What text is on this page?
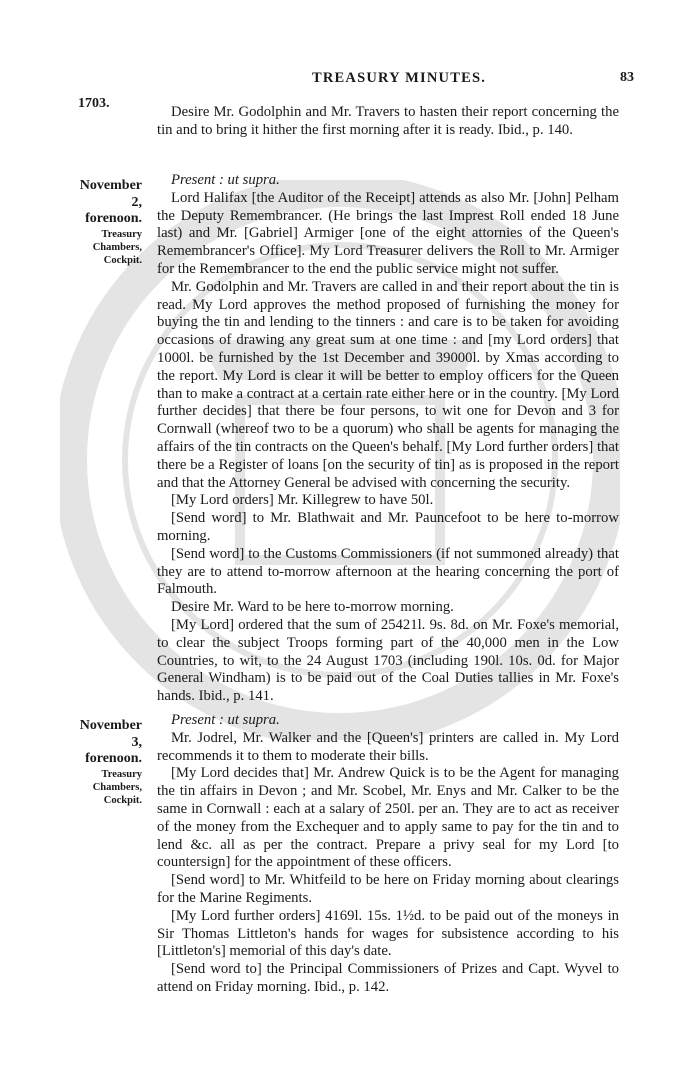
TREASURY MINUTES.	83
1703.

Desire Mr. Godolphin and Mr. Travers to hasten their report concerning the tin and to bring it hither the first morning after it is ready. Ibid., p. 140.

November
2,
forenoon.
Treasury
Chambers,
Cockpit.

Present : ut supra.

Lord Halifax [the Auditor of the Receipt] attends as also Mr. [John] Pelham the Deputy Remembrancer. (He brings the last Imprest Roll ended 18 June last) and Mr. [Gabriel] Armiger [one of the eight attornies of the Queen's Remembrancer's Office]. My Lord Treasurer delivers the Roll to Mr. Armiger for the Remembrancer to the end the public service might not suffer.

Mr. Godolphin and Mr. Travers are called in and their report about the tin is read. My Lord approves the method proposed of furnishing the money for buying the tin and lending to the tinners : and care is to be taken for avoiding occasions of drawing any great sum at one time : and [my Lord orders] that 1000l. be furnished by the 1st December and 39000l. by Xmas according to the report. My Lord is clear it will be better to employ officers for the Queen than to make a contract at a certain rate either here or in the country. [My Lord further decides] that there be four persons, to wit one for Devon and 3 for Cornwall (whereof two to be a quorum) who shall be agents for managing the affairs of the tin contracts on the Queen's behalf. [My Lord further orders] that there be a Register of loans [on the security of tin] as is proposed in the report and that the Attorney General be advised with concerning the security.

[My Lord orders] Mr. Killegrew to have 50l.

[Send word] to Mr. Blathwait and Mr. Pauncefoot to be here to-morrow morning.

[Send word] to the Customs Commissioners (if not summoned already) that they are to attend to-morrow afternoon at the hearing concerning the port of Falmouth.

Desire Mr. Ward to be here to-morrow morning.

[My Lord] ordered that the sum of 25421l. 9s. 8d. on Mr. Foxe's memorial, to clear the subject Troops forming part of the 40,000 men in the Low Countries, to wit, to the 24 August 1703 (including 190l. 10s. 0d. for Major General Windham) is to be paid out of the Coal Duties tallies in Mr. Foxe's hands. Ibid., p. 141.

November
3,
forenoon.
Treasury
Chambers,
Cockpit.

Present : ut supra.

Mr. Jodrel, Mr. Walker and the [Queen's] printers are called in. My Lord recommends it to them to moderate their bills.

[My Lord decides that] Mr. Andrew Quick is to be the Agent for managing the tin affairs in Devon ; and Mr. Scobel, Mr. Enys and Mr. Calker to be the same in Cornwall : each at a salary of 250l. per an. They are to act as receiver of the money from the Exchequer and to apply same to pay for the tin and to lend &c. all as per the contract. Prepare a privy seal for my Lord [to countersign] for the appointment of these officers.

[Send word] to Mr. Whitfeild to be here on Friday morning about clearings for the Marine Regiments.

[My Lord further orders] 4169l. 15s. 1½d. to be paid out of the moneys in Sir Thomas Littleton's hands for wages for subsistence according to his [Littleton's] memorial of this day's date.

[Send word to] the Principal Commissioners of Prizes and Capt. Wyvel to attend on Friday morning. Ibid., p. 142.
